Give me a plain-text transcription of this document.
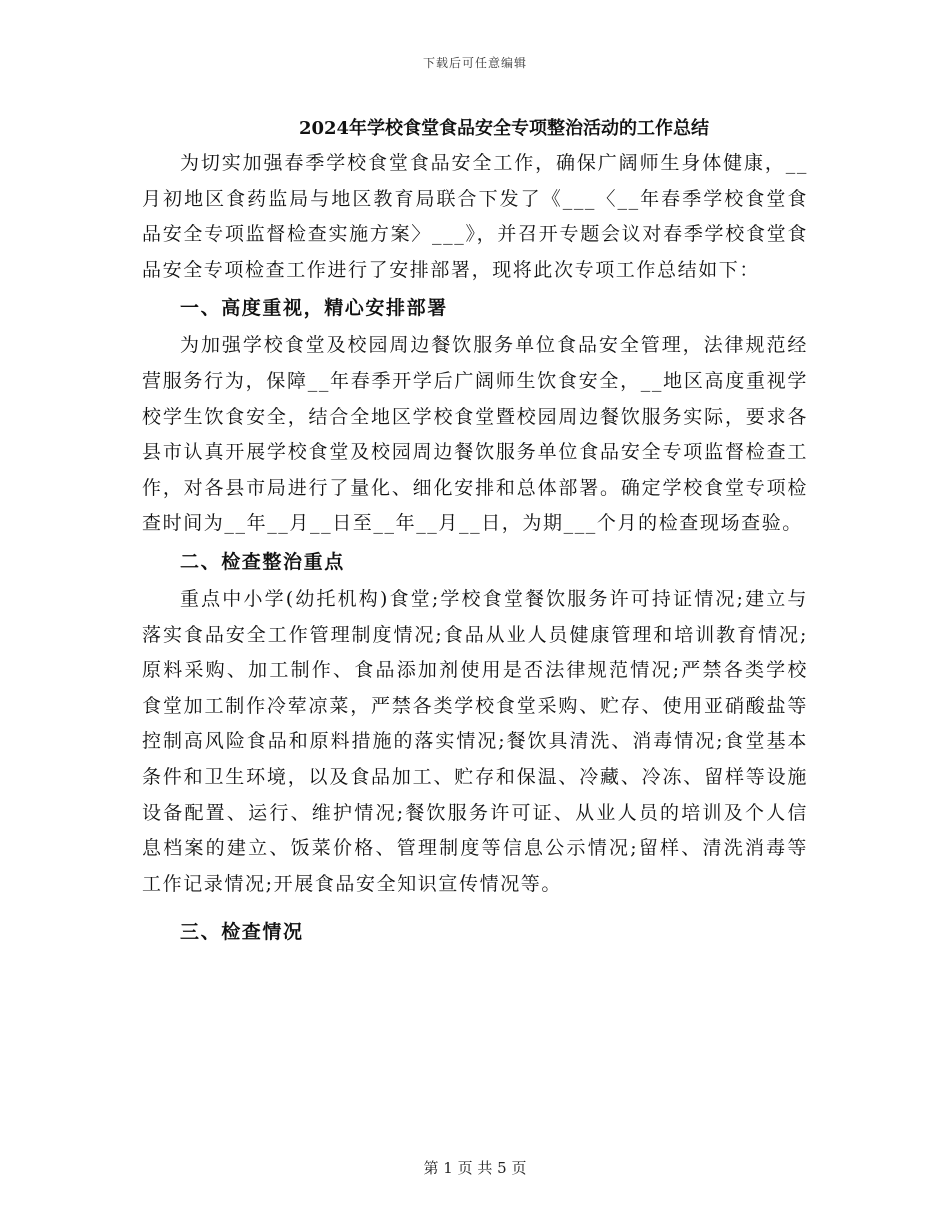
下载后可任意编辑
2024年学校食堂食品安全专项整治活动的工作总结

为切实加强春季学校食堂食品安全工作，确保广阔师生身体健康，__月初地区食药监局与地区教育局联合下发了《___〈__年春季学校食堂食品安全专项监督检查实施方案〉___》，并召开专题会议对春季学校食堂食品安全专项检查工作进行了安排部署，现将此次专项工作总结如下：

一、高度重视，精心安排部署

为加强学校食堂及校园周边餐饮服务单位食品安全管理，法律规范经营服务行为，保障__年春季开学后广阔师生饮食安全，__地区高度重视学校学生饮食安全，结合全地区学校食堂暨校园周边餐饮服务实际，要求各县市认真开展学校食堂及校园周边餐饮服务单位食品安全专项监督检查工作，对各县市局进行了量化、细化安排和总体部署。确定学校食堂专项检查时间为__年__月__日至__年__月__日，为期___个月的检查现场查验。

二、检查整治重点

重点中小学(幼托机构)食堂;学校食堂餐饮服务许可持证情况;建立与落实食品安全工作管理制度情况;食品从业人员健康管理和培训教育情况;原料采购、加工制作、食品添加剂使用是否法律规范情况;严禁各类学校食堂加工制作冷荤凉菜，严禁各类学校食堂采购、贮存、使用亚硝酸盐等控制高风险食品和原料措施的落实情况;餐饮具清洗、消毒情况;食堂基本条件和卫生环境，以及食品加工、贮存和保温、冷藏、冷冻、留样等设施设备配置、运行、维护情况;餐饮服务许可证、从业人员的培训及个人信息档案的建立、饭菜价格、管理制度等信息公示情况;留样、清洗消毒等工作记录情况;开展食品安全知识宣传情况等。

三、检查情况
第 1 页 共 5 页
